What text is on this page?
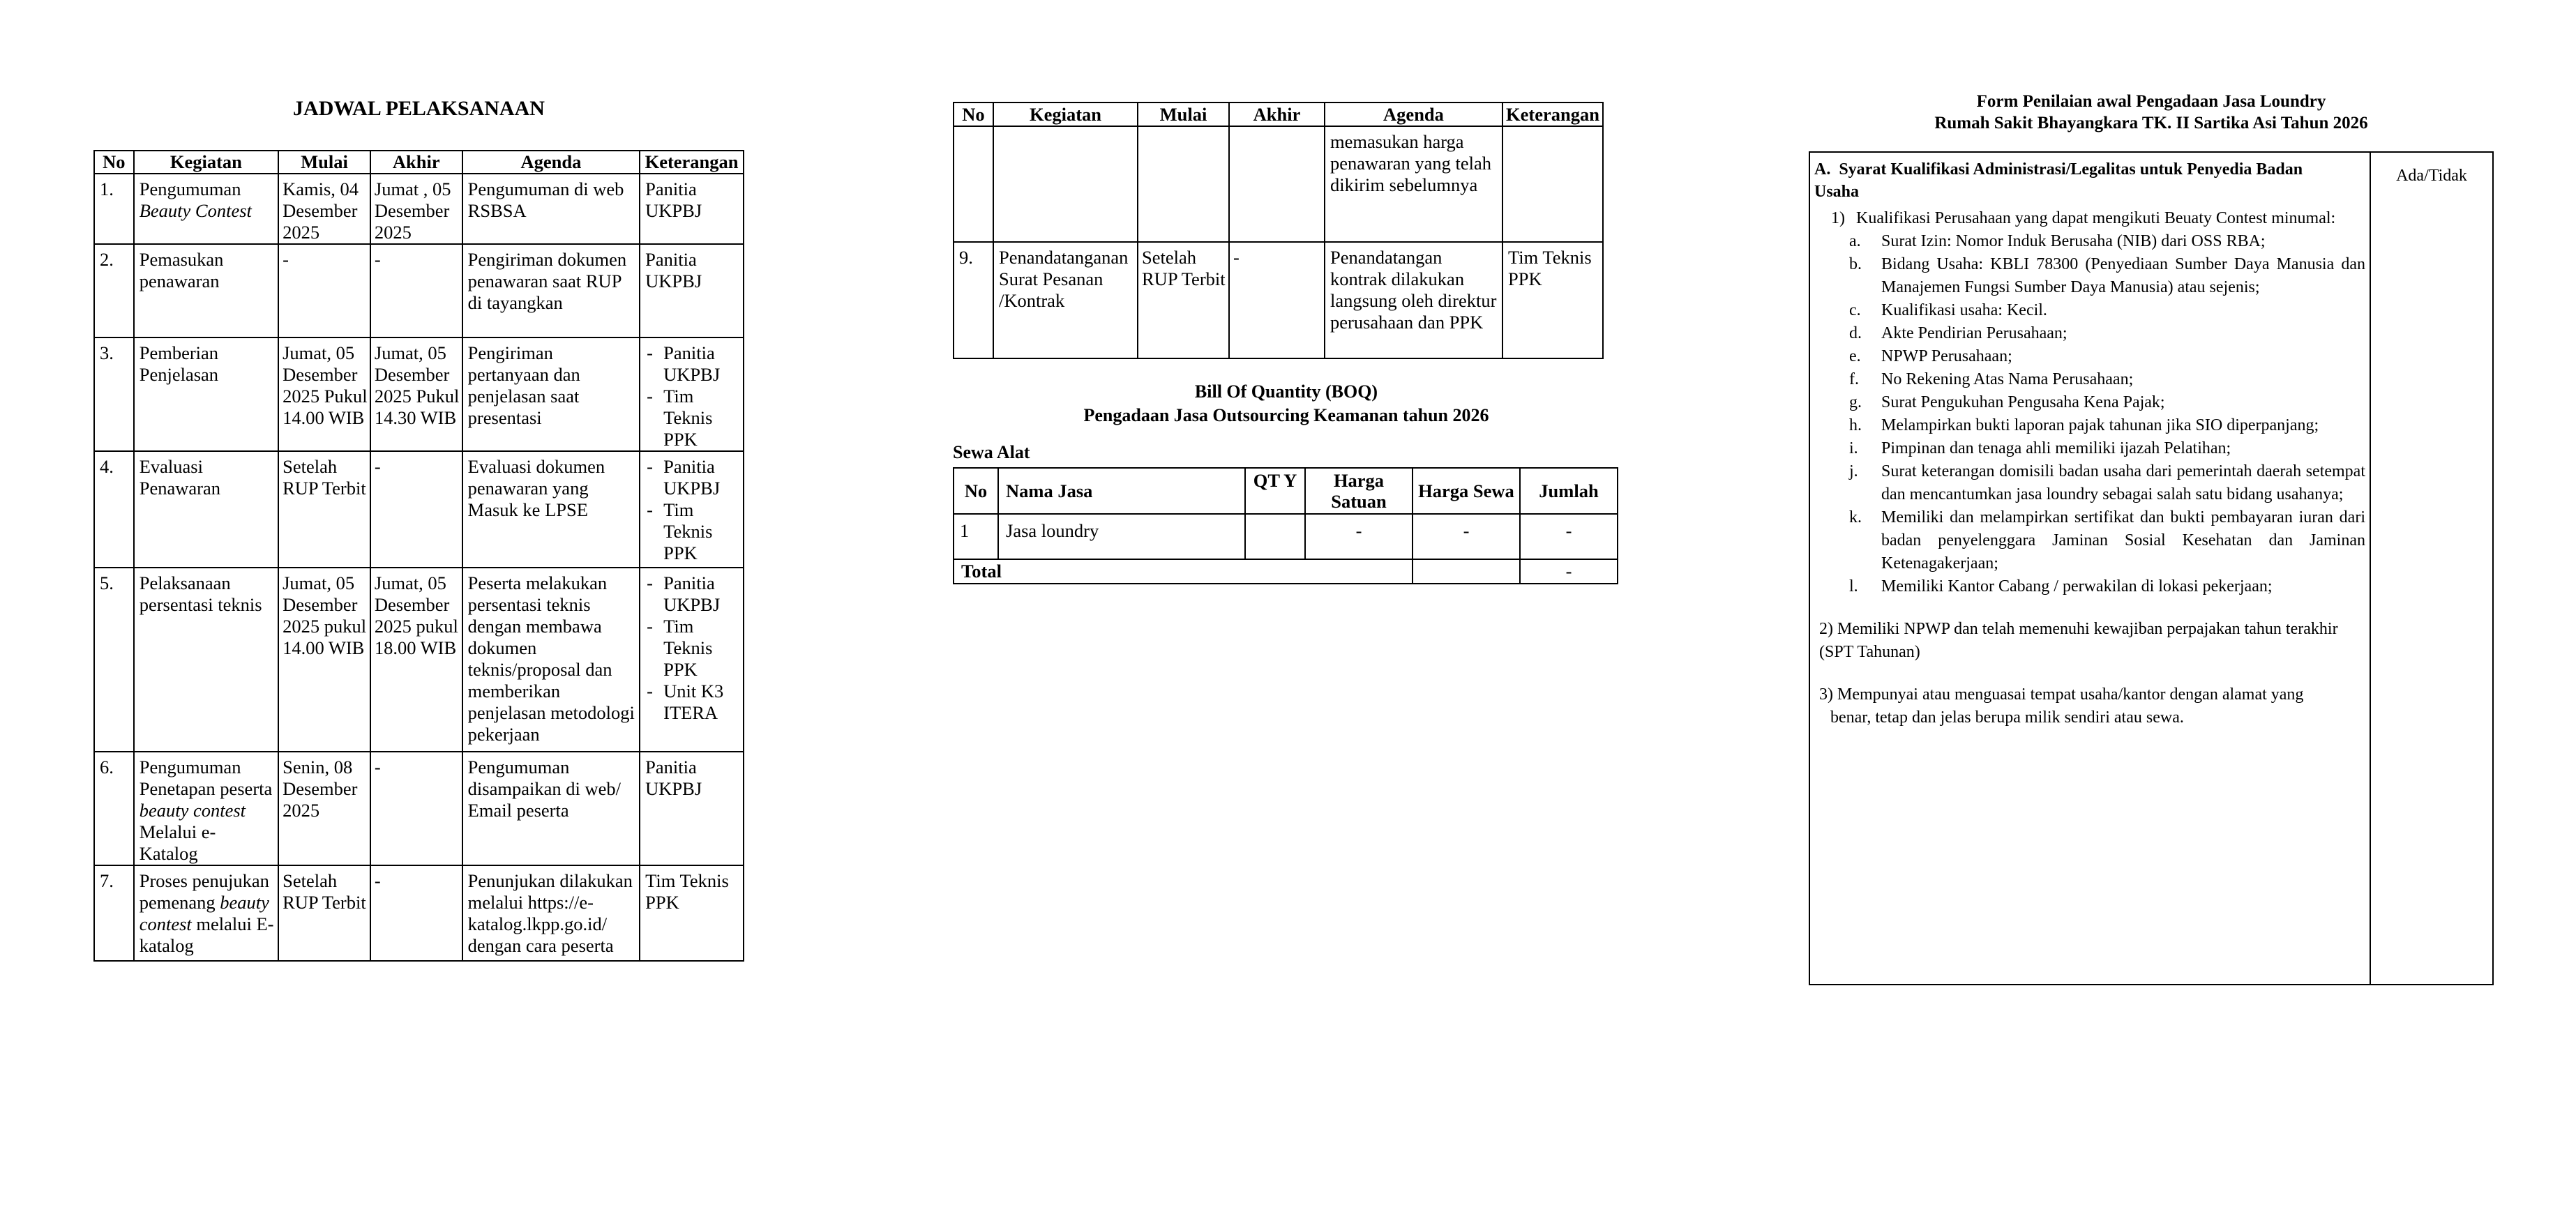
JADWAL PELAKSANAAN
No	Kegiatan	Mulai	Akhir	Agenda	Keterangan
1.	Pengumuman Beauty Contest	Kamis, 04 Desember 2025	Jumat , 05 Desember 2025	Pengumuman di web RSBSA	Panitia UKPBJ
2.	Pemasukan penawaran	-	-	Pengiriman dokumen penawaran saat RUP di tayangkan	Panitia UKPBJ
3.	Pemberian Penjelasan	Jumat, 05 Desember 2025 Pukul 14.00 WIB	Jumat, 05 Desember 2025 Pukul 14.30 WIB	Pengiriman pertanyaan dan penjelasan saat presentasi	- Panitia UKPBJ
- Tim Teknis PPK

4.	Evaluasi Penawaran	Setelah RUP Terbit	-	Evaluasi dokumen penawaran yang Masuk ke LPSE	- Panitia UKPBJ
- Tim Teknis PPK

5.	Pelaksanaan persentasi teknis	Jumat, 05 Desember 2025 pukul 14.00 WIB	Jumat, 05 Desember 2025 pukul 18.00 WIB	Peserta melakukan persentasi teknis dengan membawa dokumen teknis/proposal dan memberikan penjelasan metodologi pekerjaan	
- Panitia UKPBJ
- Tim Teknis PPK
- Unit K3 ITERA

6.	Pengumuman Penetapan peserta beauty contest Melalui e-Katalog	Senin, 08 Desember 2025	-	Pengumuman disampaikan di web/ Email peserta	Panitia UKPBJ
7.	Proses penujukan pemenang beauty contest melalui E-katalog	Setelah RUP Terbit	-	Penunjukan dilakukan melalui https://e-katalog.lkpp.go.id/ dengan cara peserta	Tim Teknis PPK
No	Kegiatan	Mulai	Akhir	Agenda	Keterangan
				memasukan harga penawaran yang telah dikirim sebelumnya	
9.	Penandatanganan Surat Pesanan /Kontrak	Setelah RUP Terbit	-	Penandatangan kontrak dilakukan langsung oleh direktur perusahaan dan PPK	Tim Teknis PPK
Bill Of Quantity (BOQ)
Pengadaan Jasa Outsourcing Keamanan tahun 2026
Sewa Alat
No	Nama Jasa	QT Y	Harga Satuan	Harga Sewa	Jumlah
1	Jasa loundry		-	-	-
Total					-
Form Penilaian awal Pengadaan Jasa Loundry
Rumah Sakit Bhayangkara TK. II Sartika Asi Tahun 2026
A.  Syarat Kualifikasi Administrasi/Legalitas untuk Penyedia Badan
Usaha
1) Kualifikasi Perusahaan yang dapat mengikuti Beuaty Contest minumal:
a.	Surat Izin: Nomor Induk Berusaha (NIB) dari OSS RBA;
b.	Bidang Usaha: KBLI 78300 (Penyediaan Sumber Daya Manusia dan Manajemen Fungsi Sumber Daya Manusia) atau sejenis;
c.	Kualifikasi usaha: Kecil.
d.	Akte Pendirian Perusahaan;
e.	NPWP Perusahaan;
f.	No Rekening Atas Nama Perusahaan;
g.	Surat Pengukuhan Pengusaha Kena Pajak;
h.	Melampirkan bukti laporan pajak tahunan jika SIO diperpanjang;
i.	Pimpinan dan tenaga ahli memiliki ijazah Pelatihan;
j.	Surat keterangan domisili badan usaha dari pemerintah daerah setempat dan mencantumkan jasa loundry sebagai salah satu bidang usahanya;
k.	Memiliki dan melampirkan sertifikat dan bukti pembayaran iuran dari badan penyelenggara Jaminan Sosial Kesehatan dan Jaminan Ketenagakerjaan;
l.	Memiliki Kantor Cabang / perwakilan di lokasi pekerjaan;
2) Memiliki NPWP dan telah memenuhi kewajiban perpajakan tahun terakhir
(SPT Tahunan)
3) Mempunyai atau menguasai tempat usaha/kantor dengan alamat yang
benar, tetap dan jelas berupa milik sendiri atau sewa.
Ada/Tidak
